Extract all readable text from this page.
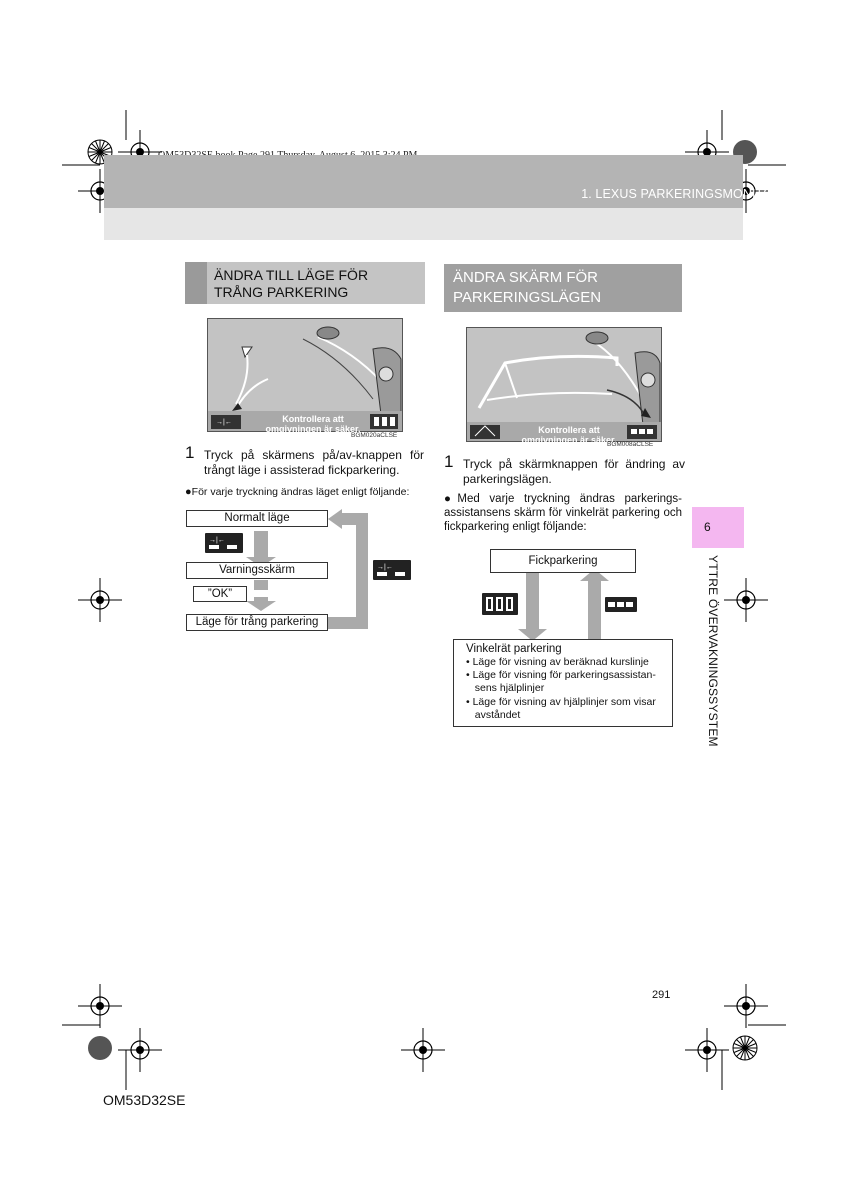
1. LEXUS PARKERINGSMONITOR
ÄNDRA TILL LÄGE FÖR
TRÅNG PARKERING
→|←	Kontrollera att
omgivningen är säker.
BGM020aCLSE
1 Tryck på skärmens på/av-knappen för trångt läge i assisterad fickparkering.
●För varje tryckning ändras läget enligt följande:
Normalt läge
Varningsskärm
”OK”
Läge för trång parkering
→|←
→|←
ÄNDRA SKÄRM FÖR
PARKERINGSLÄGEN
Kontrollera att
omgivningen är säker.
BGM008aCLSE
1 Tryck på skärmknappen för ändring av parkeringslägen.
●Med varje tryckning ändras parkerings-assistansens skärm för vinkelrät parkering och fickparkering enligt följande:
Fickparkering
Vinkelrät parkering
• Läge för visning av beräknad kurslinje
• Läge för visning för parkeringsassistan-
sens hjälplinjer
• Läge för visning av hjälplinjer som visar
avståndet
6
YTTRE ÖVERVAKNINGSSYSTEM
291
OM53D32SE
